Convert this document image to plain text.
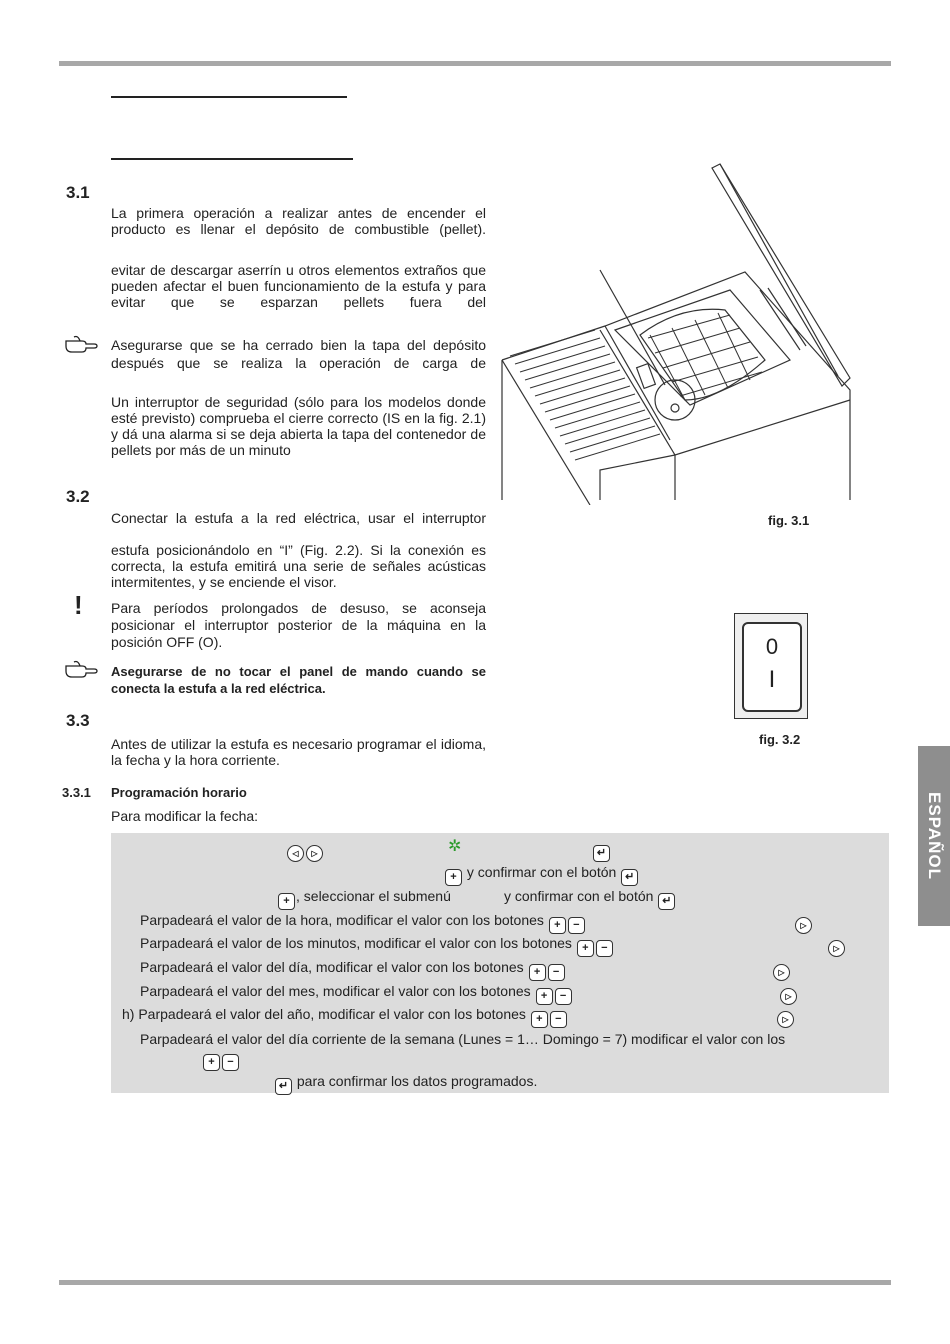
3.1
La primera operación a realizar antes de encender el producto es llenar el depósito de combustible (pellet).
evitar de descargar aserrín u otros elementos extraños que pueden afectar el buen funcionamiento de la estufa y para evitar que se esparzan pellets fuera del
Asegurarse que se ha cerrado bien la tapa del depósito después que se realiza la operación de carga de
Un interruptor de seguridad (sólo para los modelos donde esté previsto) comprueba el cierre correcto (IS en la fig. 2.1) y dá una alarma si se deja abierta la tapa del contenedor de pellets por más de un minuto
3.2
Conectar la estufa a la red eléctrica, usar el interruptor
estufa posicionándolo en “I” (Fig. 2.2). Si la conexión es correcta, la estufa emitirá una serie de señales acústicas intermitentes, y se enciende el visor.
! Para períodos prolongados de desuso, se aconseja posicionar el interruptor posterior de la máquina en la posición OFF (O).
Asegurarse de no tocar el panel de mando cuando se conecta la estufa a la red eléctrica.
3.3
Antes de utilizar la estufa es necesario programar el idioma, la fecha y la hora corriente.
3.3.1 Programación horario
Para modificar la fecha:
fig. 3.1
0
I
fig. 3.2
ESPAÑOL
◁ ▷	✲	↵
+ y confirmar con el botón ↵
+ , seleccionar el submenú	y confirmar con el botón ↵
Parpadeará el valor de la hora, modificar el valor con los botones + −	▷
Parpadeará el valor de los minutos, modificar el valor con los botones + −	▷
Parpadeará el valor del día, modificar el valor con los botones + −	▷
Parpadeará el valor del mes, modificar el valor con los botones + −	▷
h) Parpadeará el valor del año, modificar el valor con los botones + −	▷
Parpadeará el valor del día corriente de la semana (Lunes = 1… Domingo = 7) modificar el valor con los
+ −
↵ para confirmar los datos programados.
